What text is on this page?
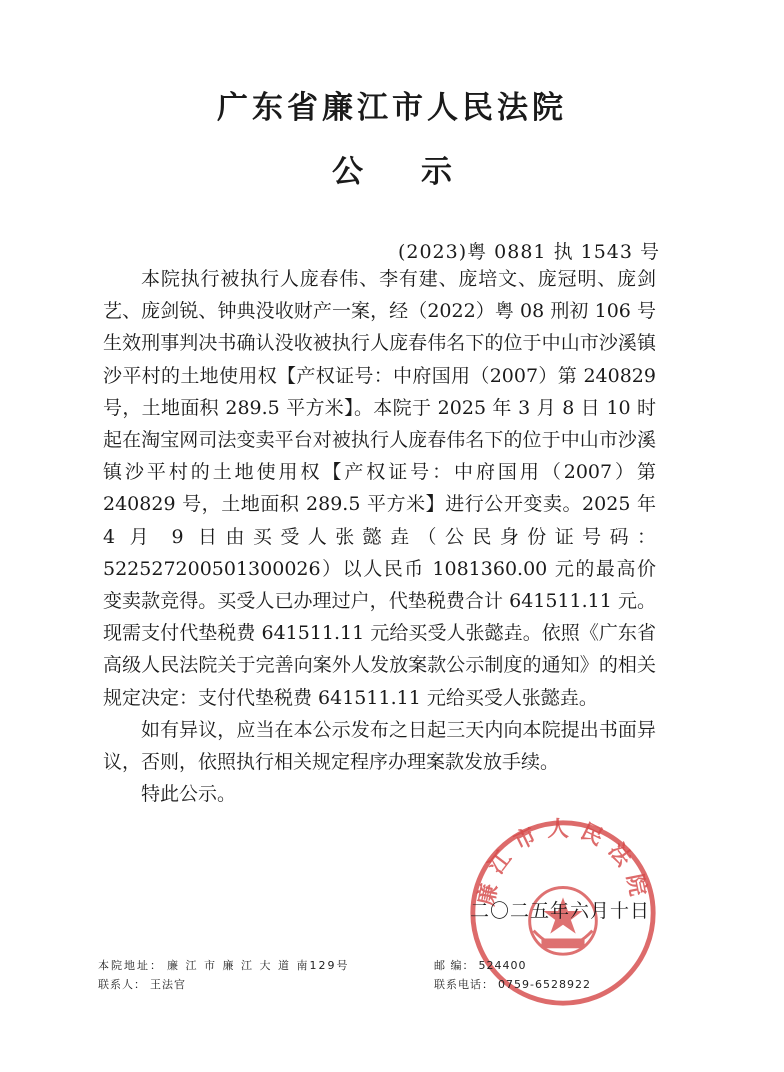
广东省廉江市人民法院
公示
(2023)粤 0881 执 1543 号

本院执行被执行人庞春伟、李有建、庞培文、庞冠明、庞剑艺、庞剑锐、钟典没收财产一案，经（2022）粤 08 刑初 106 号生效刑事判决书确认没收被执行人庞春伟名下的位于中山市沙溪镇沙平村的土地使用权【产权证号：中府国用（2007）第 240829 号，土地面积 289.5 平方米】。本院于 2025 年 3 月 8 日 10 时起在淘宝网司法变卖平台对被执行人庞春伟名下的位于中山市沙溪镇沙平村的土地使用权【产权证号：中府国用（2007）第 240829 号，土地面积 289.5 平方米】进行公开变卖。2025 年 4 月 9 日由买受人张懿垚（公民身份证号码：522527200501300026）以人民币 1081360.00 元的最高价变卖款竞得。买受人已办理过户，代垫税费合计 641511.11 元。现需支付代垫税费 641511.11 元给买受人张懿垚。依照《广东省高级人民法院关于完善向案外人发放案款公示制度的通知》的相关规定决定：支付代垫税费 641511.11 元给买受人张懿垚。

如有异议，应当在本公示发布之日起三天内向本院提出书面异议，否则，依照执行相关规定程序办理案款发放手续。

特此公示。

廉江市人民法院
二〇二五年六月十日
本院地址： 廉 江 市 廉 江 大 道 南129号
联系人： 王法官
邮 编： 524400
联系电话： 0759-6528922
